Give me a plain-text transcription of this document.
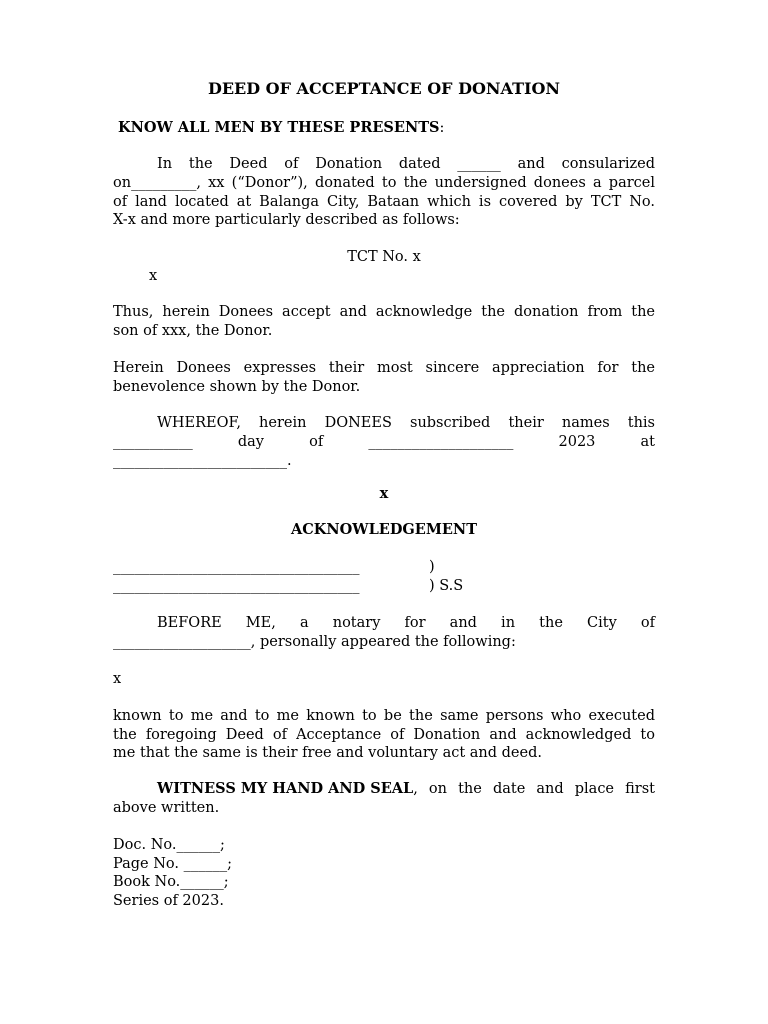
DEED OF ACCEPTANCE OF DONATION
KNOW ALL MEN BY THESE PRESENTS:
In the Deed of Donation dated ______ and consularized
on_________, xx (“Donor”), donated to the undersigned donees a parcel
of land located at Balanga City, Bataan which is covered by TCT No.
X-x and more particularly described as follows:
TCT No. x
x
Thus, herein Donees accept and acknowledge the donation from the
son of xxx, the Donor.
Herein Donees expresses their most sincere appreciation for the
benevolence shown by the Donor.
WHEREOF, herein DONEES subscribed their names this
___________ day of ____________________ 2023 at
________________________.
x
ACKNOWLEDGEMENT
__________________________________	)
__________________________________	) S.S
BEFORE ME, a notary for and in the City of
___________________, personally appeared the following:
x
known to me and to me known to be the same persons who executed
the foregoing Deed of Acceptance of Donation and acknowledged to
me that the same is their free and voluntary act and deed.
WITNESS MY HAND AND SEAL , on the date and place first
above written.
Doc. No.______;
Page No. ______;
Book No.______;
Series of 2023.
